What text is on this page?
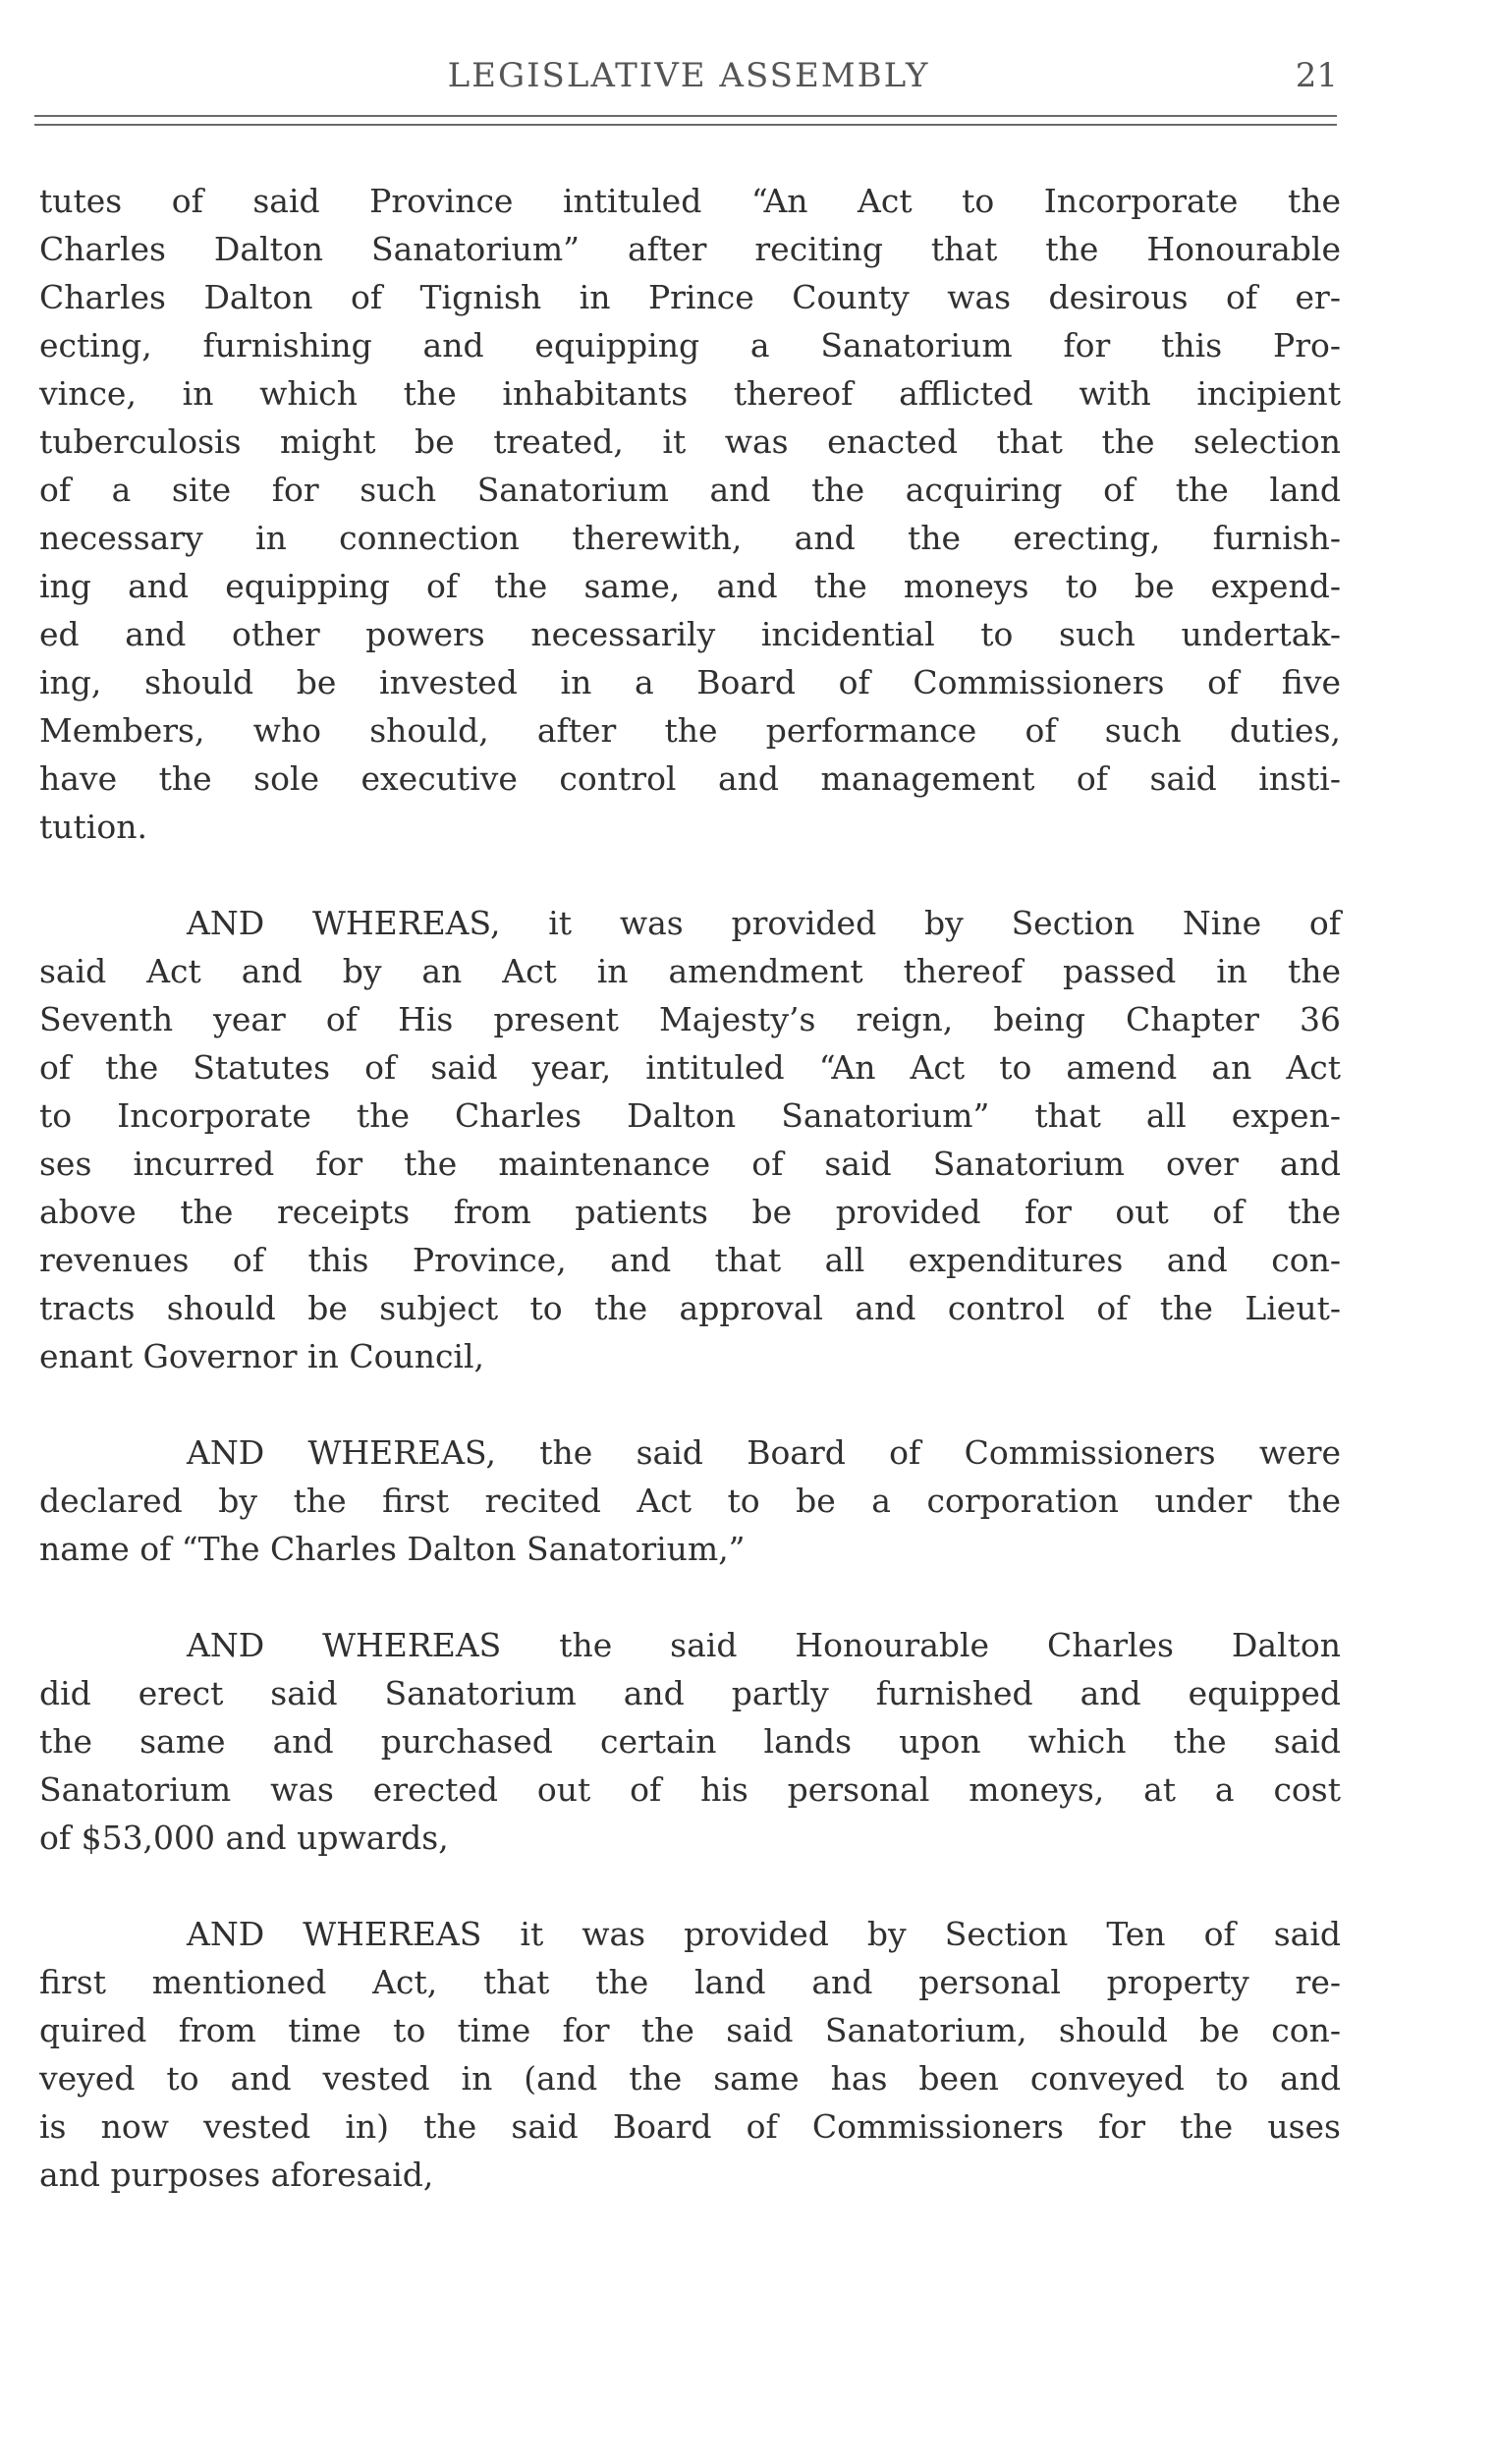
LEGISLATIVE ASSEMBLY	21
tutes of said Province intituled “An Act to Incorporate the
Charles Dalton Sanatorium” after reciting that the Honourable
Charles Dalton of Tignish in Prince County was desirous of er-
ecting, furnishing and equipping a Sanatorium for this Pro-
vince, in which the inhabitants thereof afflicted with incipient
tuberculosis might be treated, it was enacted that the selection
of a site for such Sanatorium and the acquiring of the land
necessary in connection therewith, and the erecting, furnish-
ing and equipping of the same, and the moneys to be expend-
ed and other powers necessarily incidential to such undertak-
ing, should be invested in a Board of Commissioners of five
Members, who should, after the performance of such duties,
have the sole executive control and management of said insti-
tution.
AND WHEREAS, it was provided by Section Nine of
said Act and by an Act in amendment thereof passed in the
Seventh year of His present Majesty’s reign, being Chapter 36
of the Statutes of said year, intituled “An Act to amend an Act
to Incorporate the Charles Dalton Sanatorium” that all expen-
ses incurred for the maintenance of said Sanatorium over and
above the receipts from patients be provided for out of the
revenues of this Province, and that all expenditures and con-
tracts should be subject to the approval and control of the Lieut-
enant Governor in Council,
AND WHEREAS, the said Board of Commissioners were
declared by the first recited Act to be a corporation under the
name of “The Charles Dalton Sanatorium,”
AND WHEREAS the said Honourable Charles Dalton
did erect said Sanatorium and partly furnished and equipped
the same and purchased certain lands upon which the said
Sanatorium was erected out of his personal moneys, at a cost
of $53,000 and upwards,
AND WHEREAS it was provided by Section Ten of said
first mentioned Act, that the land and personal property re-
quired from time to time for the said Sanatorium, should be con-
veyed to and vested in (and the same has been conveyed to and
is now vested in) the said Board of Commissioners for the uses
and purposes aforesaid,
